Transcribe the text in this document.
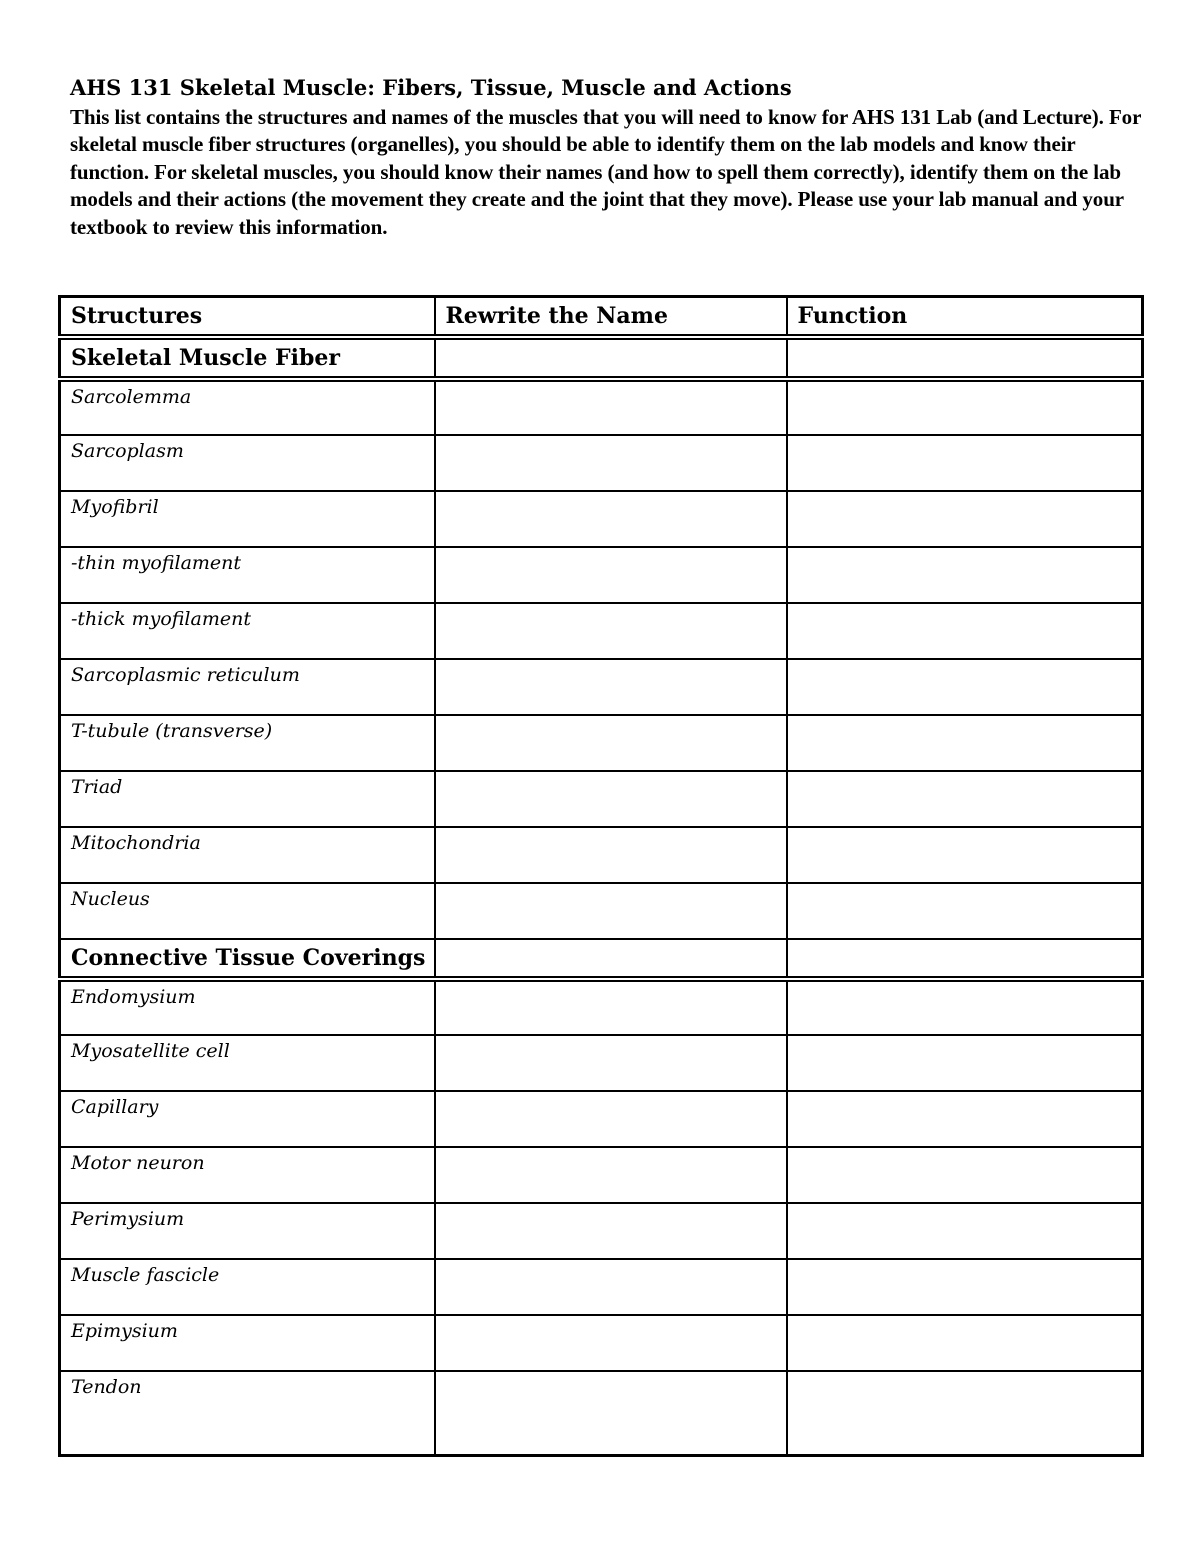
AHS 131 Skeletal Muscle: Fibers, Tissue, Muscle and Actions
This list contains the structures and names of the muscles that you will need to know for AHS 131 Lab (and Lecture). For skeletal muscle fiber structures (organelles), you should be able to identify them on the lab models and know their function. For skeletal muscles, you should know their names (and how to spell them correctly), identify them on the lab models and their actions (the movement they create and the joint that they move). Please use your lab manual and your textbook to review this information.
Structures	Rewrite the Name	Function
Skeletal Muscle Fiber		
Sarcolemma		
Sarcoplasm		
Myofibril		
-thin myofilament		
-thick myofilament		
Sarcoplasmic reticulum		
T-tubule (transverse)		
Triad		
Mitochondria		
Nucleus		
Connective Tissue Coverings		
Endomysium		
Myosatellite cell		
Capillary		
Motor neuron		
Perimysium		
Muscle fascicle		
Epimysium		
Tendon		
